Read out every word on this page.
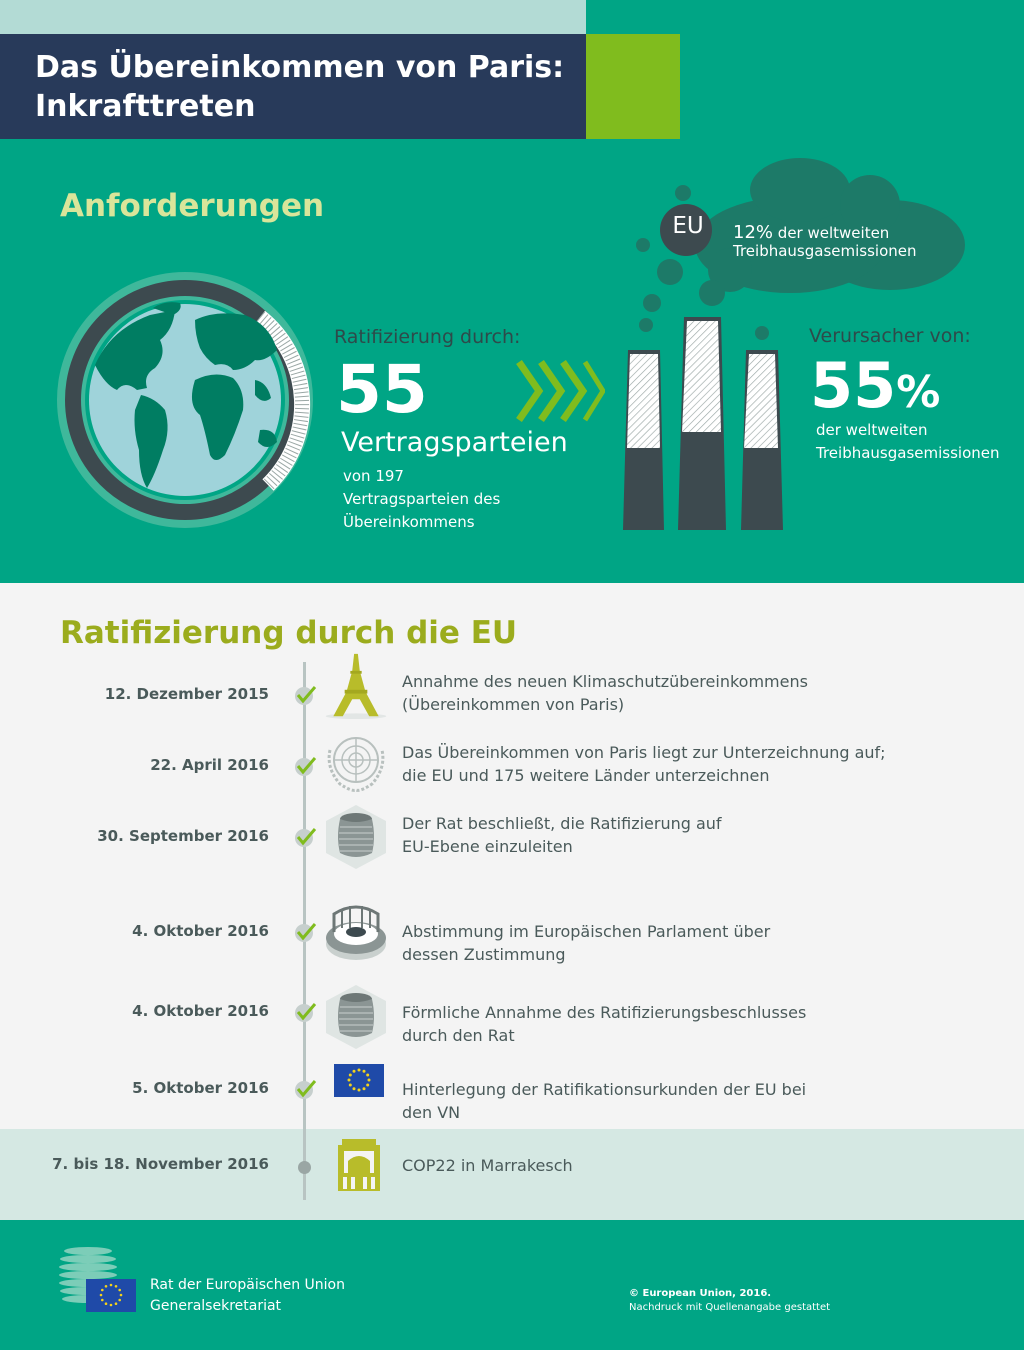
Das Übereinkommen von Paris:
Inkrafttreten
Anforderungen
Ratifizierung durch:
55
Vertragsparteien
von 197
Vertragsparteien des
Übereinkommens
EU 12% der weltweiten
Treibhausgasemissionen
Verursacher von:
55%
der weltweiten
Treibhausgasemissionen
Ratifizierung durch die EU
12. Dezember 2015
Annahme des neuen Klimaschutzübereinkommens
(Übereinkommen von Paris)
22. April 2016
Das Übereinkommen von Paris liegt zur Unterzeichnung auf;
die EU und 175 weitere Länder unterzeichnen
30. September 2016
Der Rat beschließt, die Ratifizierung auf
EU-Ebene einzuleiten
4. Oktober 2016	Abstimmung im Europäischen Parlament über
dessen Zustimmung
4. Oktober 2016	Förmliche Annahme des Ratifizierungsbeschlusses
durch den Rat
5. Oktober 2016	Hinterlegung der Ratifikationsurkunden der EU bei
den VN
7. bis 18. November 2016	COP22 in Marrakesch
Rat der Europäischen Union
Generalsekretariat
© European Union, 2016.
Nachdruck mit Quellenangabe gestattet
